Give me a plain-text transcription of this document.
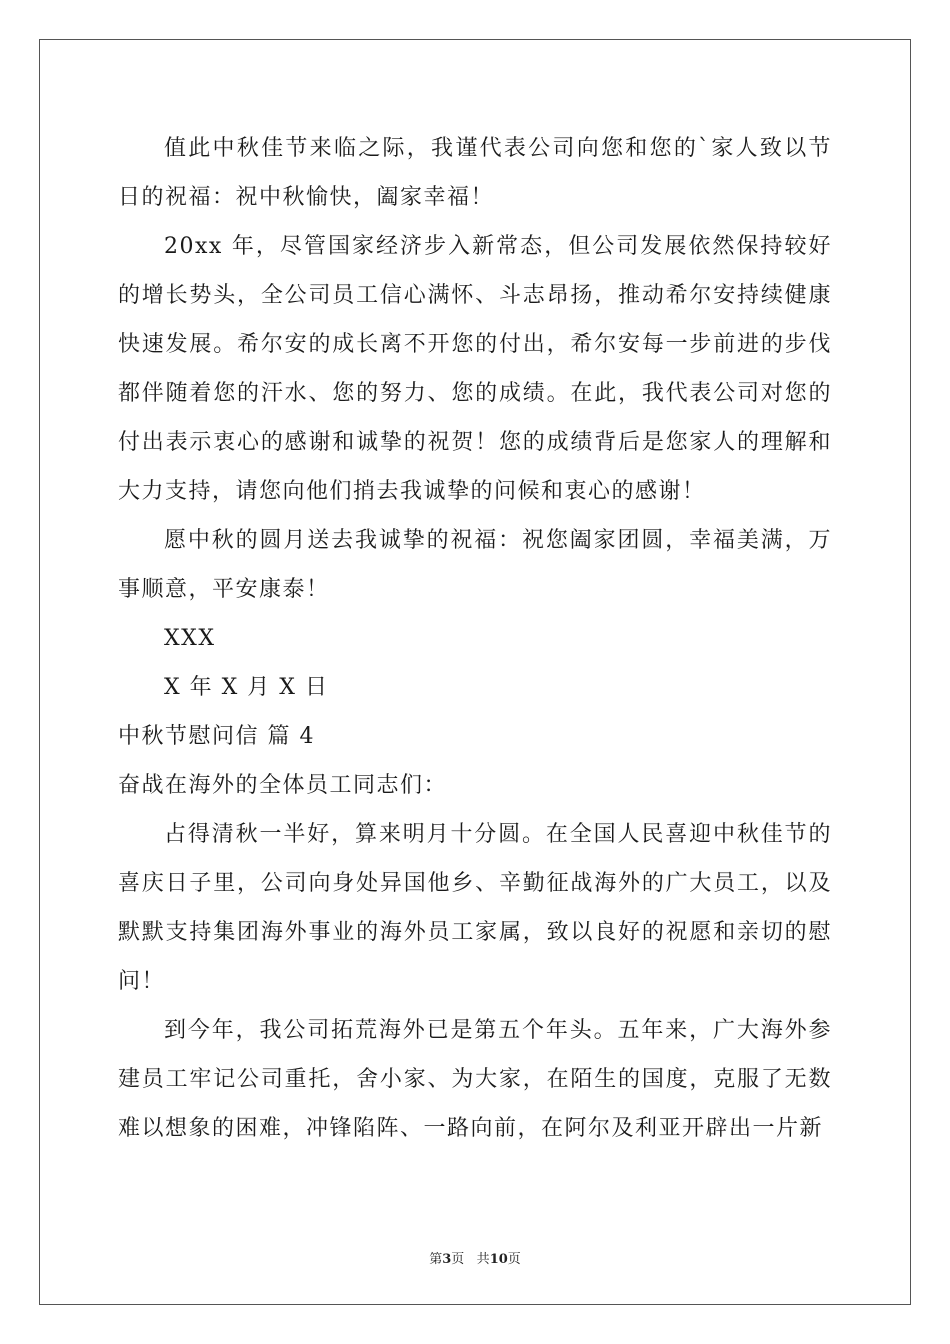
值此中秋佳节来临之际，我谨代表公司向您和您的`家人致以节日的祝福：祝中秋愉快，阖家幸福！

20xx 年，尽管国家经济步入新常态，但公司发展依然保持较好的增长势头，全公司员工信心满怀、斗志昂扬，推动希尔安持续健康快速发展。希尔安的成长离不开您的付出，希尔安每一步前进的步伐都伴随着您的汗水、您的努力、您的成绩。在此，我代表公司对您的付出表示衷心的感谢和诚挚的祝贺！您的成绩背后是您家人的理解和大力支持，请您向他们捎去我诚挚的问候和衷心的感谢！

愿中秋的圆月送去我诚挚的祝福：祝您阖家团圆，幸福美满，万事顺意，平安康泰！

XXX

X 年 X 月 X 日

中秋节慰问信 篇 4

奋战在海外的全体员工同志们：

占得清秋一半好，算来明月十分圆。在全国人民喜迎中秋佳节的喜庆日子里，公司向身处异国他乡、辛勤征战海外的广大员工，以及默默支持集团海外事业的海外员工家属，致以良好的祝愿和亲切的慰问！

到今年，我公司拓荒海外已是第五个年头。五年来，广大海外参建员工牢记公司重托，舍小家、为大家，在陌生的国度，克服了无数难以想象的困难，冲锋陷阵、一路向前，在阿尔及利亚开辟出一片新

第3页 共10页
